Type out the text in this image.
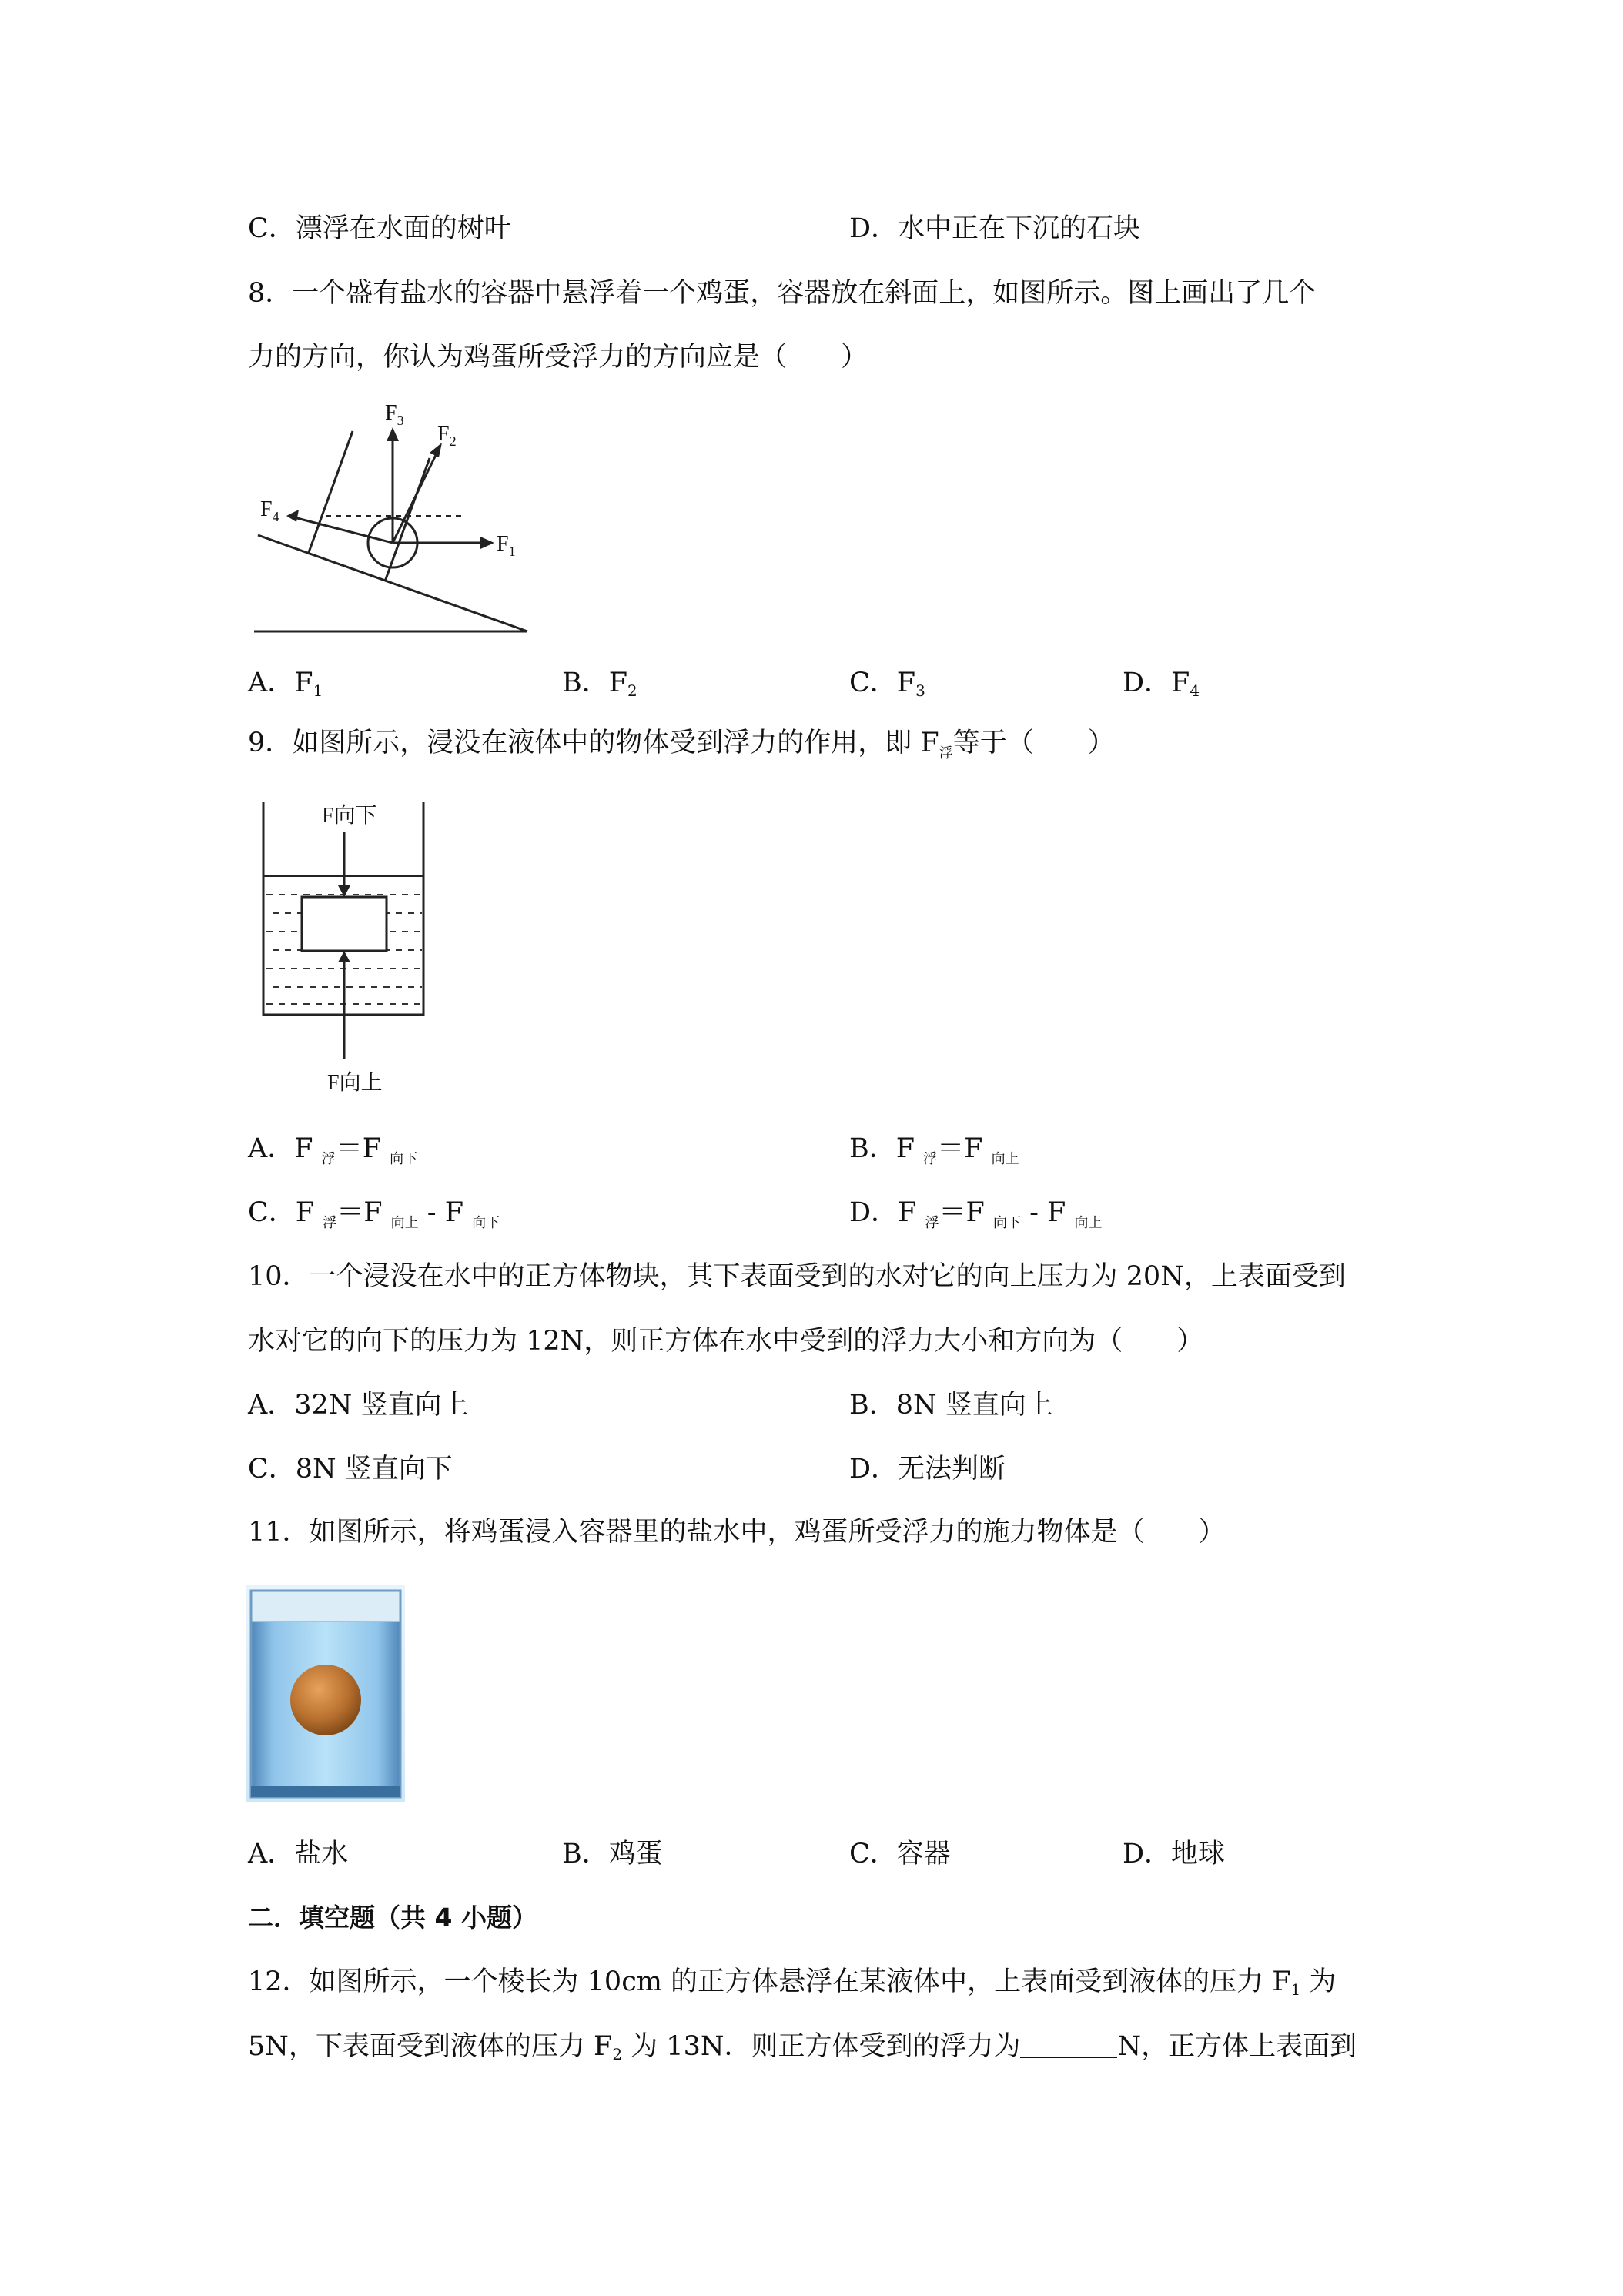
C．漂浮在水面的树叶	D．水中正在下沉的石块
8．一个盛有盐水的容器中悬浮着一个鸡蛋，容器放在斜面上，如图所示。图上画出了几个
力的方向，你认为鸡蛋所受浮力的方向应是（　　）
$F_3$
$F_2$
$F_1$
$F_4$
A．$F_1$	B．$F_2$	C．$F_3$	D．$F_4$
9．如图所示，浸没在液体中的物体受到浮力的作用，即 $F_浮$等于（　　）
F向下
F向上
A．F $_浮$＝F $_{向下}$	B．F $_浮$＝F $_{向上}$
C．F $_浮$＝F $_{向上}$ - F $_{向下}$	D．F $_浮$＝F $_{向下}$ - F $_{向上}$
10．一个浸没在水中的正方体物块，其下表面受到的水对它的向上压力为 20N，上表面受到
水对它的向下的压力为 12N，则正方体在水中受到的浮力大小和方向为（　　）
A．32N 竖直向上	B．8N 竖直向上
C．8N 竖直向下	D．无法判断
11．如图所示，将鸡蛋浸入容器里的盐水中，鸡蛋所受浮力的施力物体是（　　）
A．盐水	B．鸡蛋	C．容器	D．地球
二．填空题（共 4 小题）
12．如图所示，一个棱长为 10cm 的正方体悬浮在某液体中，上表面受到液体的压力 $F_1$ 为
5N，下表面受到液体的压力 $F_2$ 为 13N．则正方体受到的浮力为	N，正方体上表面到
